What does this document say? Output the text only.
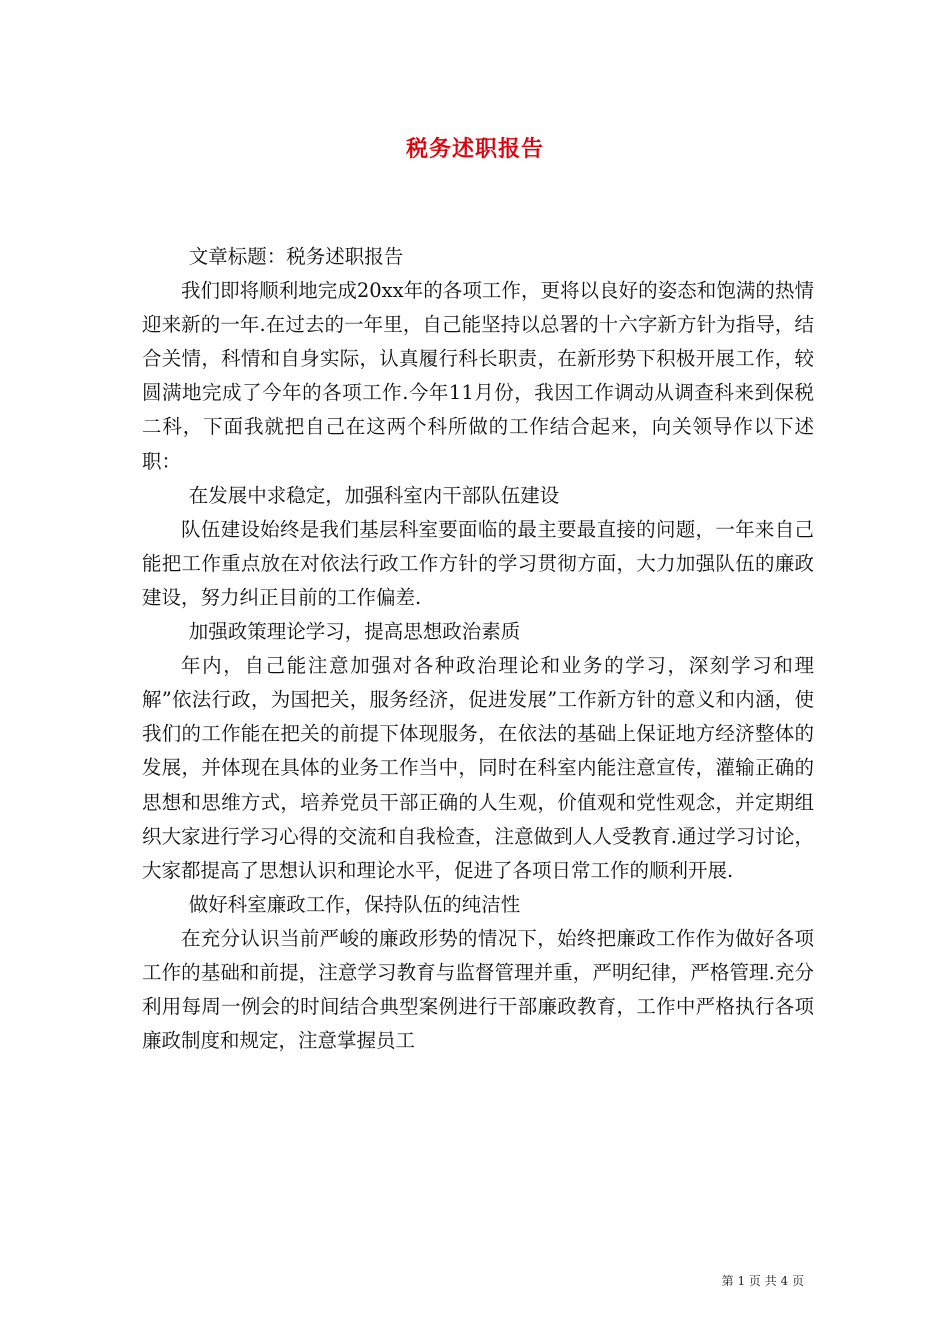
税务述职报告

文章标题：税务述职报告

我们即将顺利地完成20xx年的各项工作，更将以良好的姿态和饱满的热情迎来新的一年.在过去的一年里，自己能坚持以总署的十六字新方针为指导，结合关情，科情和自身实际，认真履行科长职责，在新形势下积极开展工作，较圆满地完成了今年的各项工作.今年11月份，我因工作调动从调查科来到保税二科，下面我就把自己在这两个科所做的工作结合起来，向关领导作以下述职：

在发展中求稳定，加强科室内干部队伍建设

队伍建设始终是我们基层科室要面临的最主要最直接的问题，一年来自己能把工作重点放在对依法行政工作方针的学习贯彻方面，大力加强队伍的廉政建设，努力纠正目前的工作偏差.

加强政策理论学习，提高思想政治素质

年内，自己能注意加强对各种政治理论和业务的学习，深刻学习和理解”依法行政，为国把关，服务经济，促进发展”工作新方针的意义和内涵，使我们的工作能在把关的前提下体现服务，在依法的基础上保证地方经济整体的发展，并体现在具体的业务工作当中，同时在科室内能注意宣传，灌输正确的思想和思维方式，培养党员干部正确的人生观，价值观和党性观念，并定期组织大家进行学习心得的交流和自我检查，注意做到人人受教育.通过学习讨论，大家都提高了思想认识和理论水平，促进了各项日常工作的顺利开展.

做好科室廉政工作，保持队伍的纯洁性

在充分认识当前严峻的廉政形势的情况下，始终把廉政工作作为做好各项工作的基础和前提，注意学习教育与监督管理并重，严明纪律，严格管理.充分利用每周一例会的时间结合典型案例进行干部廉政教育，工作中严格执行各项廉政制度和规定，注意掌握员工

第 1 页 共 4 页
